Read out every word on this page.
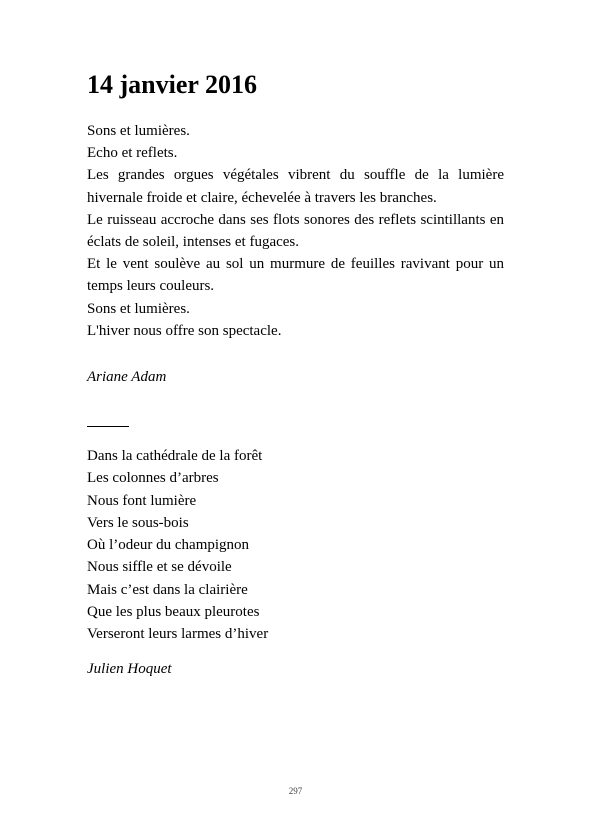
14 janvier 2016

Sons et lumières.

Echo et reflets.

Les grandes orgues végétales vibrent du souffle de la lumière hivernale froide et claire, échevelée à travers les branches.

Le ruisseau accroche dans ses flots sonores des reflets scintillants en éclats de soleil, intenses et fugaces.

Et le vent soulève au sol un murmure de feuilles ravivant pour un temps leurs couleurs.

Sons et lumières.

L'hiver nous offre son spectacle.

Ariane Adam

Dans la cathédrale de la forêt
Les colonnes d’arbres
Nous font lumière
Vers le sous-bois
Où l’odeur du champignon
Nous siffle et se dévoile
Mais c’est dans la clairière
Que les plus beaux pleurotes
Verseront leurs larmes d’hiver

Julien Hoquet

297
